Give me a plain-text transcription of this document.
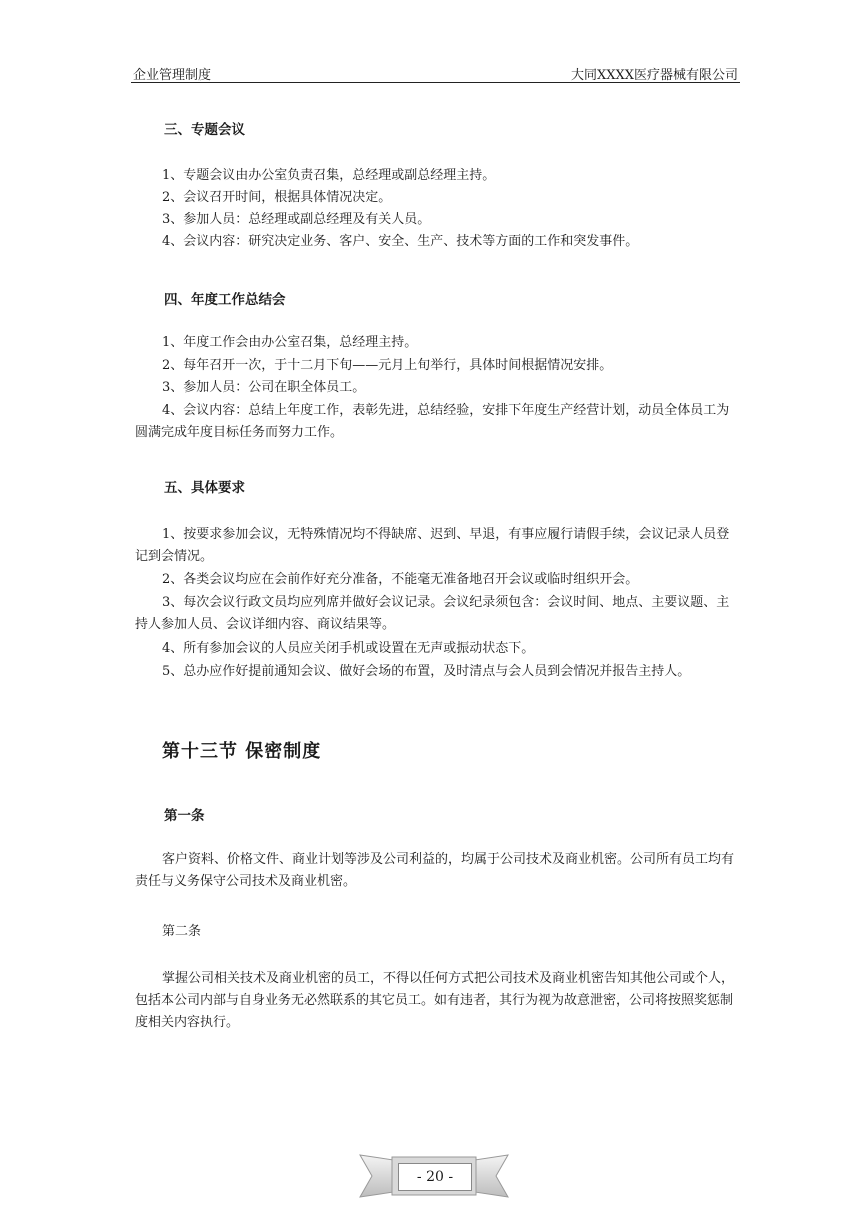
企业管理制度	大同XXXX医疗器械有限公司
三、专题会议
1、专题会议由办公室负责召集，总经理或副总经理主持。
2、会议召开时间，根据具体情况决定。
3、参加人员：总经理或副总经理及有关人员。
4、会议内容：研究决定业务、客户、安全、生产、技术等方面的工作和突发事件。
四、年度工作总结会
1、年度工作会由办公室召集，总经理主持。
2、每年召开一次，于十二月下旬——元月上旬举行，具体时间根据情况安排。
3、参加人员：公司在职全体员工。
4、会议内容：总结上年度工作，表彰先进，总结经验，安排下年度生产经营计划，动员全体员工为圆满完成年度目标任务而努力工作。
五、具体要求
1、按要求参加会议，无特殊情况均不得缺席、迟到、早退，有事应履行请假手续，会议记录人员登记到会情况。
2、各类会议均应在会前作好充分准备，不能毫无准备地召开会议或临时组织开会。
3、每次会议行政文员均应列席并做好会议记录。会议纪录须包含：会议时间、地点、主要议题、主持人参加人员、会议详细内容、商议结果等。
4、所有参加会议的人员应关闭手机或设置在无声或振动状态下。
5、总办应作好提前通知会议、做好会场的布置，及时清点与会人员到会情况并报告主持人。
第十三节 保密制度
第一条
客户资料、价格文件、商业计划等涉及公司利益的，均属于公司技术及商业机密。公司所有员工均有责任与义务保守公司技术及商业机密。
第二条
掌握公司相关技术及商业机密的员工，不得以任何方式把公司技术及商业机密告知其他公司或个人，包括本公司内部与自身业务无必然联系的其它员工。如有违者，其行为视为故意泄密，公司将按照奖惩制度相关内容执行。
- 20 -
